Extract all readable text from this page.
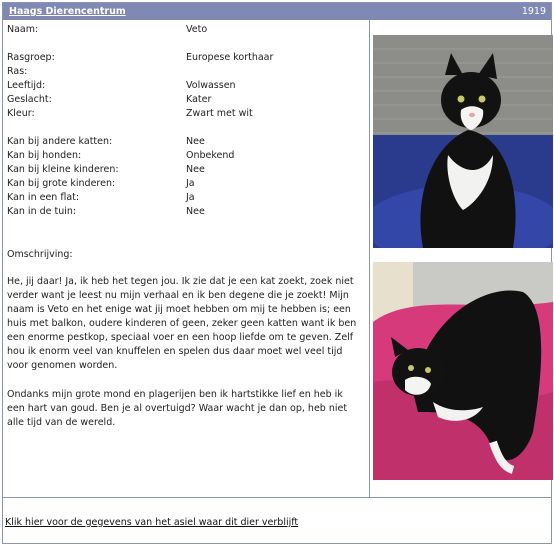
Haags Dierencentrum	1919
Naam:	Veto
Rasgroep:	Europese korthaar
Ras:
Leeftijd:	Volwassen
Geslacht:	Kater
Kleur:	Zwart met wit
Kan bij andere katten:	Nee
Kan bij honden:	Onbekend
Kan bij kleine kinderen:	Nee
Kan bij grote kinderen:	Ja
Kan in een flat:	Ja
Kan in de tuin:	Nee
Omschrijving:
He, jij daar! Ja, ik heb het tegen jou. Ik zie dat je een kat zoekt, zoek niet verder want je leest nu mijn verhaal en ik ben degene die je zoekt! Mijn naam is Veto en het enige wat jij moet hebben om mij te hebben is; een huis met balkon, oudere kinderen of geen, zeker geen katten want ik ben een enorme pestkop, speciaal voer en een hoop liefde om te geven. Zelf hou ik enorm veel van knuffelen en spelen dus daar moet wel veel tijd voor genomen worden.
Ondanks mijn grote mond en plagerijen ben ik hartstikke lief en heb ik een hart van goud. Ben je al overtuigd? Waar wacht je dan op, heb niet alle tijd van de wereld.
Klik hier voor de gegevens van het asiel waar dit dier verblijft
